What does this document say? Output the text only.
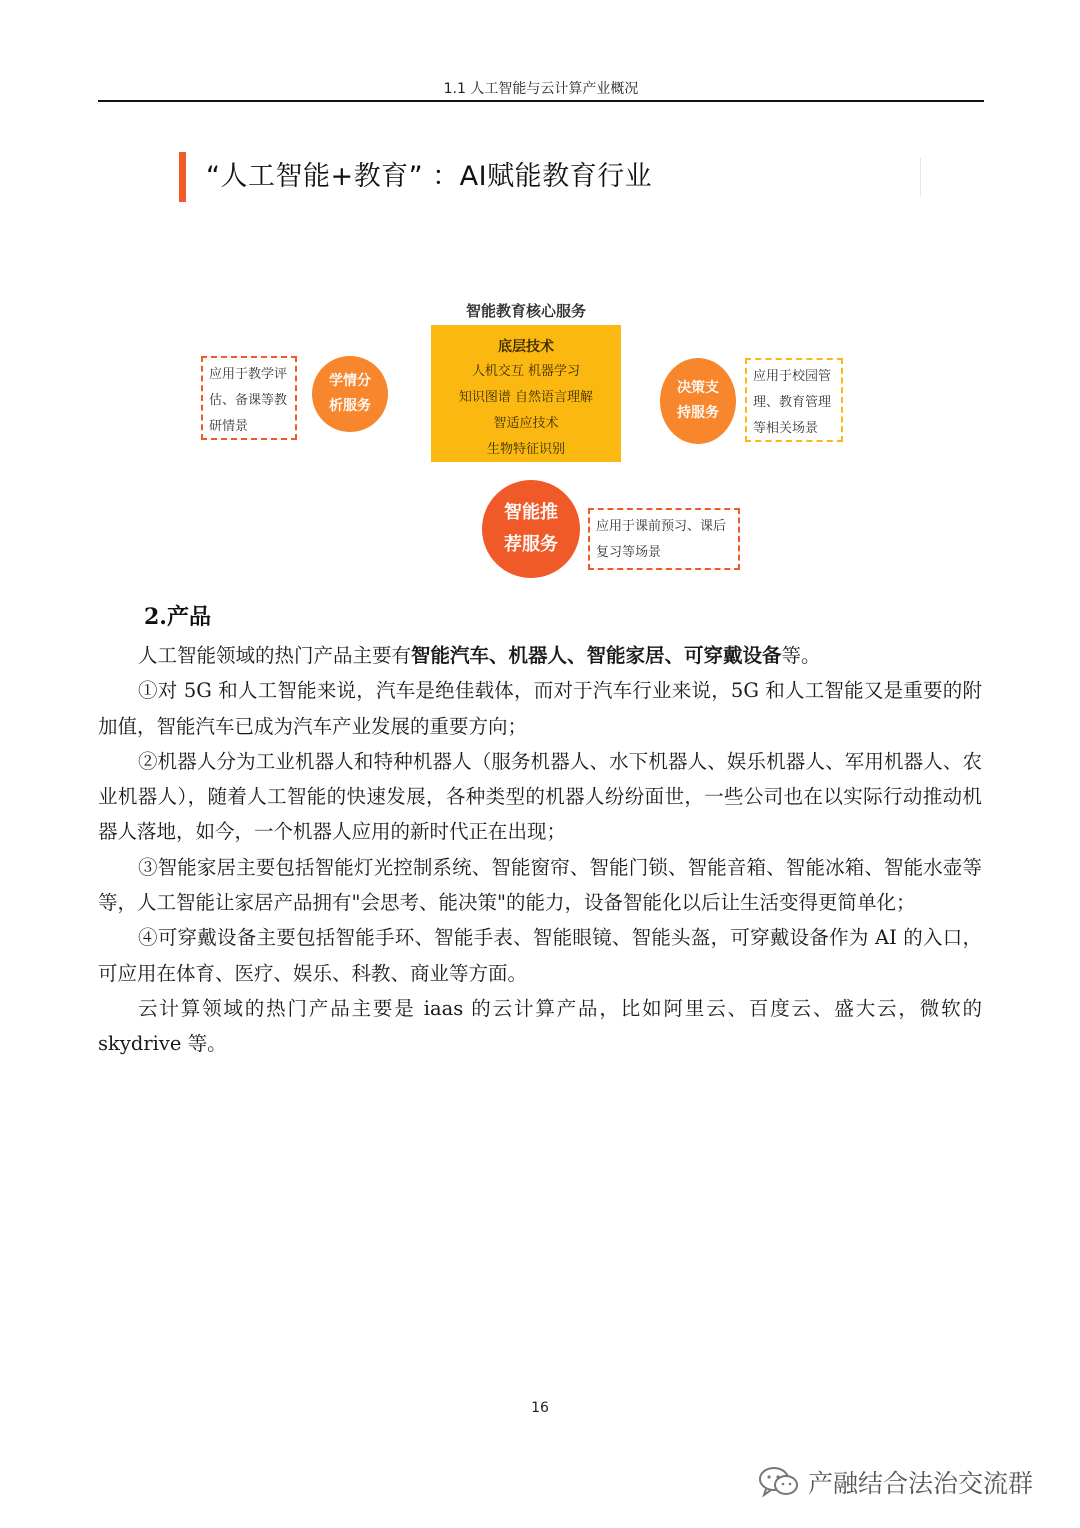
1.1 人工智能与云计算产业概况
“人工智能+教育” ：AI赋能教育行业
智能教育核心服务
底层技术
人机交互 机器学习
知识图谱 自然语言理解
智适应技术
生物特征识别
学情分
析服务
应用于教学评
估、备课等教
研情景
决策支
持服务
应用于校园管
理、教育管理
等相关场景
智能推
荐服务
应用于课前预习、课后
复习等场景
2.产品

人工智能领域的热门产品主要有智能汽车、机器人、智能家居、可穿戴设备等。

①对 5G 和人工智能来说，汽车是绝佳载体，而对于汽车行业来说，5G 和人工智能又是重要的附加值，智能汽车已成为汽车产业发展的重要方向；

②机器人分为工业机器人和特种机器人（服务机器人、水下机器人、娱乐机器人、军用机器人、农业机器人），随着人工智能的快速发展，各种类型的机器人纷纷面世，一些公司也在以实际行动推动机器人落地，如今，一个机器人应用的新时代正在出现；

③智能家居主要包括智能灯光控制系统、智能窗帘、智能门锁、智能音箱、智能冰箱、智能水壶等等，人工智能让家居产品拥有"会思考、能决策"的能力，设备智能化以后让生活变得更简单化；

④可穿戴设备主要包括智能手环、智能手表、智能眼镜、智能头盔，可穿戴设备作为 AI 的入口，可应用在体育、医疗、娱乐、科教、商业等方面。

云计算领域的热门产品主要是 iaas 的云计算产品，比如阿里云、百度云、盛大云，微软的 skydrive 等。

16
产融结合法治交流群
